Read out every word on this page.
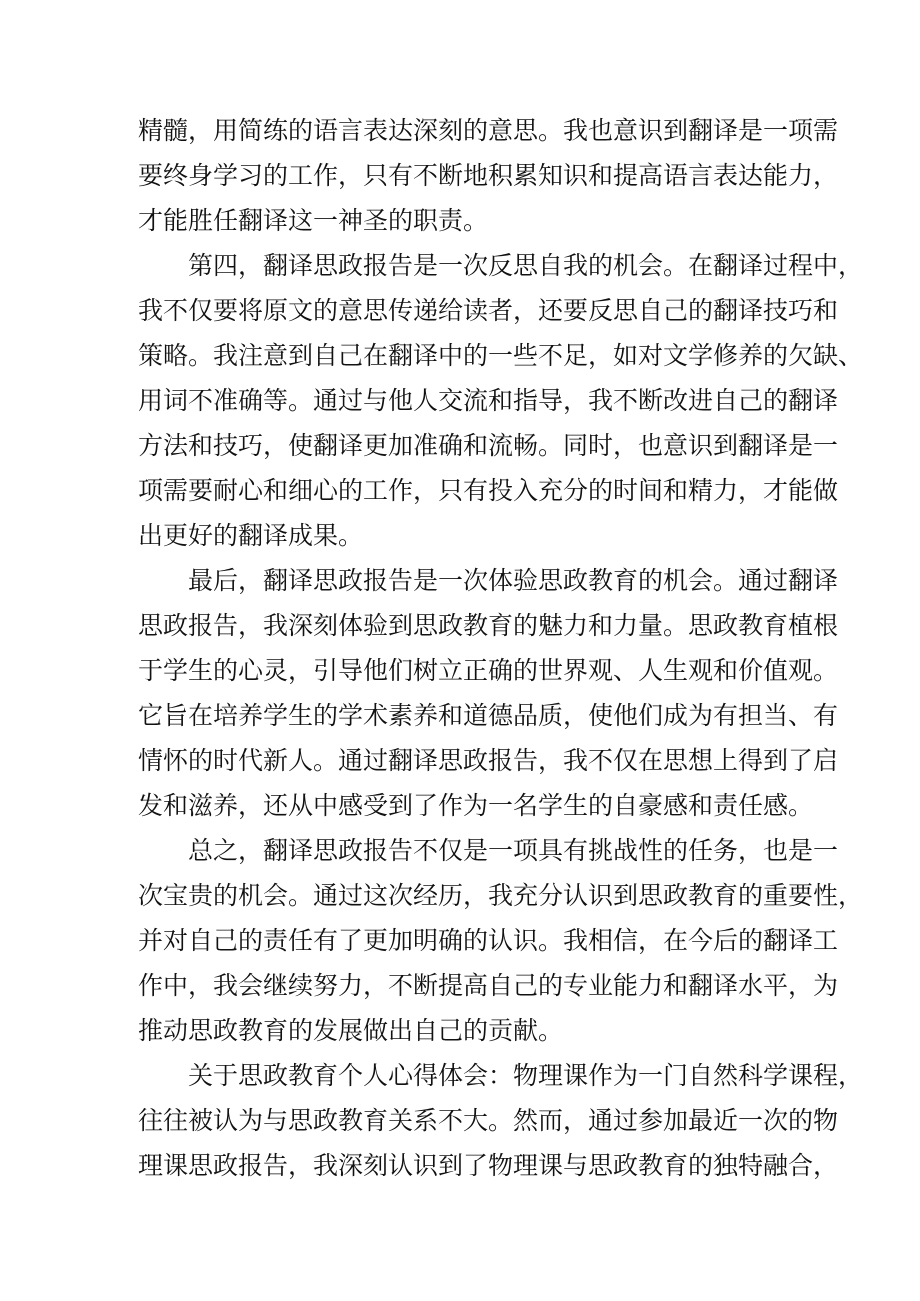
精髓，用简练的语言表达深刻的意思。我也意识到翻译是一项需
要终身学习的工作，只有不断地积累知识和提高语言表达能力，
才能胜任翻译这一神圣的职责。
第四，翻译思政报告是一次反思自我的机会。在翻译过程中，
我不仅要将原文的意思传递给读者，还要反思自己的翻译技巧和
策略。我注意到自己在翻译中的一些不足，如对文学修养的欠缺、
用词不准确等。通过与他人交流和指导，我不断改进自己的翻译
方法和技巧，使翻译更加准确和流畅。同时，也意识到翻译是一
项需要耐心和细心的工作，只有投入充分的时间和精力，才能做
出更好的翻译成果。
最后，翻译思政报告是一次体验思政教育的机会。通过翻译
思政报告，我深刻体验到思政教育的魅力和力量。思政教育植根
于学生的心灵，引导他们树立正确的世界观、人生观和价值观。
它旨在培养学生的学术素养和道德品质，使他们成为有担当、有
情怀的时代新人。通过翻译思政报告，我不仅在思想上得到了启
发和滋养，还从中感受到了作为一名学生的自豪感和责任感。
总之，翻译思政报告不仅是一项具有挑战性的任务，也是一
次宝贵的机会。通过这次经历，我充分认识到思政教育的重要性，
并对自己的责任有了更加明确的认识。我相信，在今后的翻译工
作中，我会继续努力，不断提高自己的专业能力和翻译水平，为
推动思政教育的发展做出自己的贡献。
关于思政教育个人心得体会：物理课作为一门自然科学课程，
往往被认为与思政教育关系不大。然而，通过参加最近一次的物
理课思政报告，我深刻认识到了物理课与思政教育的独特融合，
